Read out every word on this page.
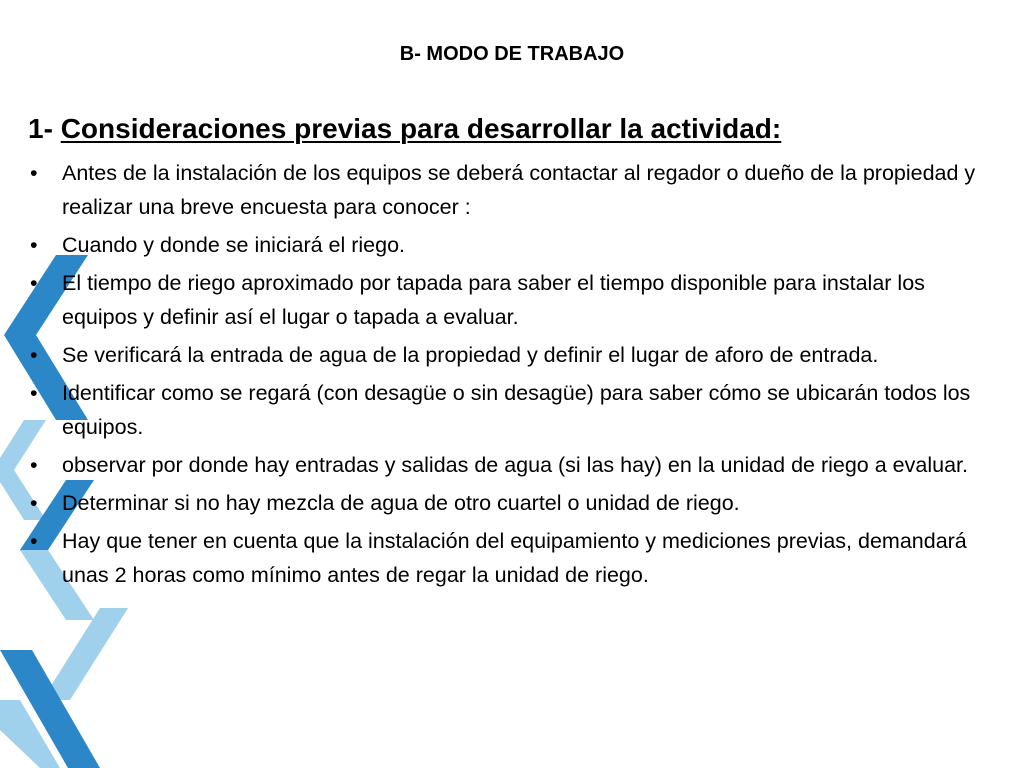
B- MODO DE TRABAJO
1- Consideraciones previas para desarrollar la actividad:
• Antes de la instalación de los equipos se deberá contactar al regador o dueño de la propiedad y realizar una breve encuesta para conocer :
• Cuando y donde se iniciará el riego.
• El tiempo de riego aproximado por tapada para saber el tiempo disponible para instalar los equipos y definir así el lugar o tapada a evaluar.
• Se verificará la entrada de agua de la propiedad y definir el lugar de aforo de entrada.
• Identificar como se regará (con desagüe o sin desagüe) para saber cómo se ubicarán todos los equipos.
• observar por donde hay entradas y salidas de agua (si las hay) en la unidad de riego a evaluar.
• Determinar si no hay mezcla de agua de otro cuartel o unidad de riego.
• Hay que tener en cuenta que la instalación del equipamiento y mediciones previas, demandará unas 2 horas como mínimo antes de regar la unidad de riego.
